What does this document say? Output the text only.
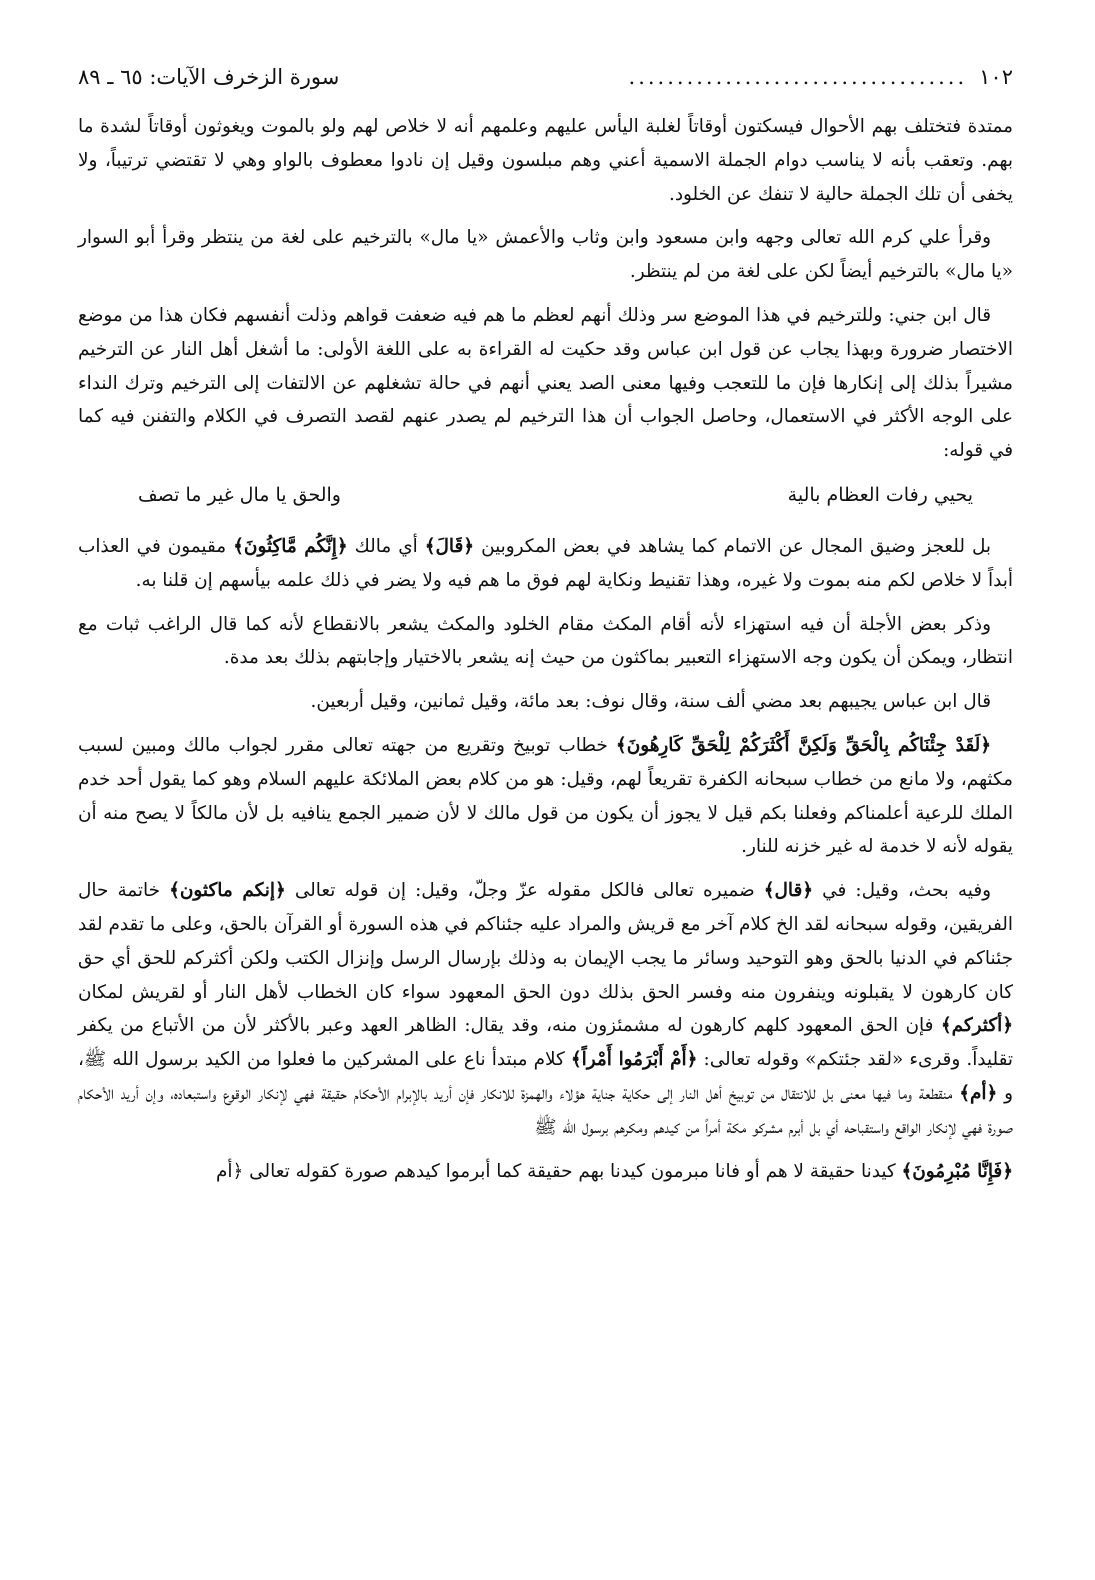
١٠٢
...................................
سورة الزخرف الآيات: ٦٥ ـ ٨٩

ممتدة فتختلف بهم الأحوال فيسكتون أوقاتاً لغلبة اليأس عليهم وعلمهم أنه لا خلاص لهم ولو بالموت ويغوثون أوقاتاً لشدة ما بهم. وتعقب بأنه لا يناسب دوام الجملة الاسمية أعني وهم مبلسون وقيل إن نادوا معطوف بالواو وهي لا تقتضي ترتيباً، ولا يخفى أن تلك الجملة حالية لا تنفك عن الخلود.

وقرأ علي كرم الله تعالى وجهه وابن مسعود وابن وثاب والأعمش «يا مال» بالترخيم على لغة من ينتظر وقرأ أبو السوار «يا مال» بالترخيم أيضاً لكن على لغة من لم ينتظر.

قال ابن جني: وللترخيم في هذا الموضع سر وذلك أنهم لعظم ما هم فيه ضعفت قواهم وذلت أنفسهم فكان هذا من موضع الاختصار ضرورة وبهذا يجاب عن قول ابن عباس وقد حكيت له القراءة به على اللغة الأولى: ما أشغل أهل النار عن الترخيم مشيراً بذلك إلى إنكارها فإن ما للتعجب وفيها معنى الصد يعني أنهم في حالة تشغلهم عن الالتفات إلى الترخيم وترك النداء على الوجه الأكثر في الاستعمال، وحاصل الجواب أن هذا الترخيم لم يصدر عنهم لقصد التصرف في الكلام والتفنن فيه كما في قوله:

يحيي رفات العظام بالية
والحق يا مال غير ما تصف

بل للعجز وضيق المجال عن الاتمام كما يشاهد في بعض المكروبين ﴿قَالَ﴾ أي مالك ﴿إِنَّكُم مَّاكِثُونَ﴾ مقيمون في العذاب أبداً لا خلاص لكم منه بموت ولا غيره، وهذا تقنيط ونكاية لهم فوق ما هم فيه ولا يضر في ذلك علمه بيأسهم إن قلنا به.

وذكر بعض الأجلة أن فيه استهزاء لأنه أقام المكث مقام الخلود والمكث يشعر بالانقطاع لأنه كما قال الراغب ثبات مع انتظار، ويمكن أن يكون وجه الاستهزاء التعبير بماكثون من حيث إنه يشعر بالاختيار وإجابتهم بذلك بعد مدة.

قال ابن عباس يجيبهم بعد مضي ألف سنة، وقال نوف: بعد مائة، وقيل ثمانين، وقيل أربعين.

﴿لَقَدْ جِئْنَاكُم بِالْحَقِّ وَلَكِنَّ أَكْثَرَكُمْ لِلْحَقِّ كَارِهُونَ﴾ خطاب توبيخ وتقريع من جهته تعالى مقرر لجواب مالك ومبين لسبب مكثهم، ولا مانع من خطاب سبحانه الكفرة تقريعاً لهم، وقيل: هو من كلام بعض الملائكة عليهم السلام وهو كما يقول أحد خدم الملك للرعية أعلمناكم وفعلنا بكم قيل لا يجوز أن يكون من قول مالك لا لأن ضمير الجمع ينافيه بل لأن مالكاً لا يصح منه أن يقوله لأنه لا خدمة له غير خزنه للنار.

وفيه بحث، وقيل: في ﴿قال﴾ ضميره تعالى فالكل مقوله عزّ وجلّ، وقيل: إن قوله تعالى ﴿إنكم ماكثون﴾ خاتمة حال الفريقين، وقوله سبحانه لقد الخ كلام آخر مع قريش والمراد عليه جئناكم في هذه السورة أو القرآن بالحق، وعلى ما تقدم لقد جئناكم في الدنيا بالحق وهو التوحيد وسائر ما يجب الإيمان به وذلك بإرسال الرسل وإنزال الكتب ولكن أكثركم للحق أي حق كان كارهون لا يقبلونه وينفرون منه وفسر الحق بذلك دون الحق المعهود سواء كان الخطاب لأهل النار أو لقريش لمكان ﴿أكثركم﴾ فإن الحق المعهود كلهم كارهون له مشمئزون منه، وقد يقال: الظاهر العهد وعبر بالأكثر لأن من الأتباع من يكفر تقليداً. وقرىء «لقد جئتكم» وقوله تعالى: ﴿أَمْ أَبْرَمُوا أَمْراً﴾ كلام مبتدأ ناع على المشركين ما فعلوا من الكيد برسول الله ﷺ، و ﴿أم﴾ منقطعة وما فيها معنى بل للانتقال من توبيخ أهل النار إلى حكاية جناية هؤلاء والهمزة للانكار فإن أريد بالإبرام الأحكام حقيقة فهي لإنكار الوقوع واستبعاده، وإن أريد الأحكام صورة فهي لإنكار الواقع واستقباحه أي بل أبرم مشركو مكة أمراً من كيدهم ومكرهم برسول الله ﷺ

﴿فَإِنَّا مُبْرِمُونَ﴾ كيدنا حقيقة لا هم أو فانا مبرمون كيدنا بهم حقيقة كما أبرموا كيدهم صورة كقوله تعالى ﴿أم
